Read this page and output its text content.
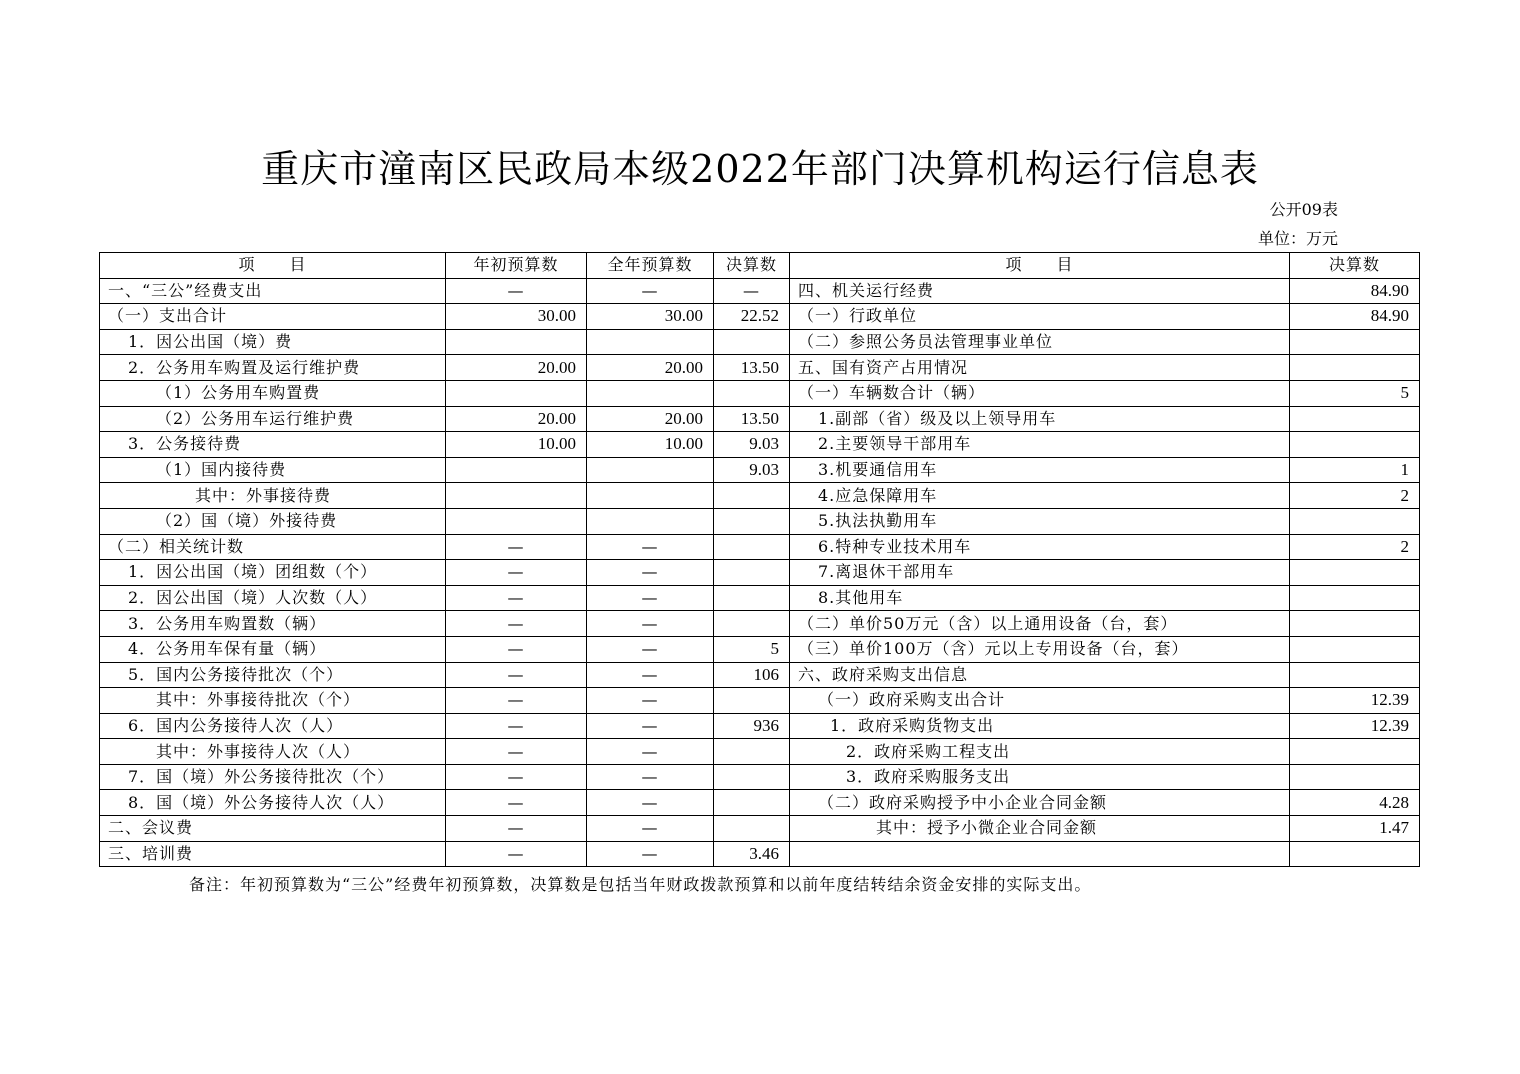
重庆市潼南区民政局本级2022年部门决算机构运行信息表
公开09表
单位：万元
项　　目	年初预算数	全年预算数	决算数	项　　目	决算数
一、“三公”经费支出	—	—	—	四、机关运行经费	84.90
（一）支出合计	30.00	30.00	22.52	（一）行政单位	84.90
1．因公出国（境）费				（二）参照公务员法管理事业单位	
2．公务用车购置及运行维护费	20.00	20.00	13.50	五、国有资产占用情况	
（1）公务用车购置费				（一）车辆数合计（辆）	5
（2）公务用车运行维护费	20.00	20.00	13.50	1.副部（省）级及以上领导用车	
3．公务接待费	10.00	10.00	9.03	2.主要领导干部用车	
（1）国内接待费			9.03	3.机要通信用车	1
其中：外事接待费				4.应急保障用车	2
（2）国（境）外接待费				5.执法执勤用车	
（二）相关统计数	—	—		6.特种专业技术用车	2
1．因公出国（境）团组数（个）	—	—		7.离退休干部用车	
2．因公出国（境）人次数（人）	—	—		8.其他用车	
3．公务用车购置数（辆）	—	—		（二）单价50万元（含）以上通用设备（台，套）	
4．公务用车保有量（辆）	—	—	5	（三）单价100万（含）元以上专用设备（台，套）	
5．国内公务接待批次（个）	—	—	106	六、政府采购支出信息	
其中：外事接待批次（个）	—	—		（一）政府采购支出合计	12.39
6．国内公务接待人次（人）	—	—	936	1．政府采购货物支出	12.39
其中：外事接待人次（人）	—	—		2．政府采购工程支出	
7．国（境）外公务接待批次（个）	—	—		3．政府采购服务支出	
8．国（境）外公务接待人次（人）	—	—		（二）政府采购授予中小企业合同金额	4.28
二、会议费	—	—		其中：授予小微企业合同金额	1.47
三、培训费	—	—	3.46		
备注：年初预算数为“三公”经费年初预算数，决算数是包括当年财政拨款预算和以前年度结转结余资金安排的实际支出。
